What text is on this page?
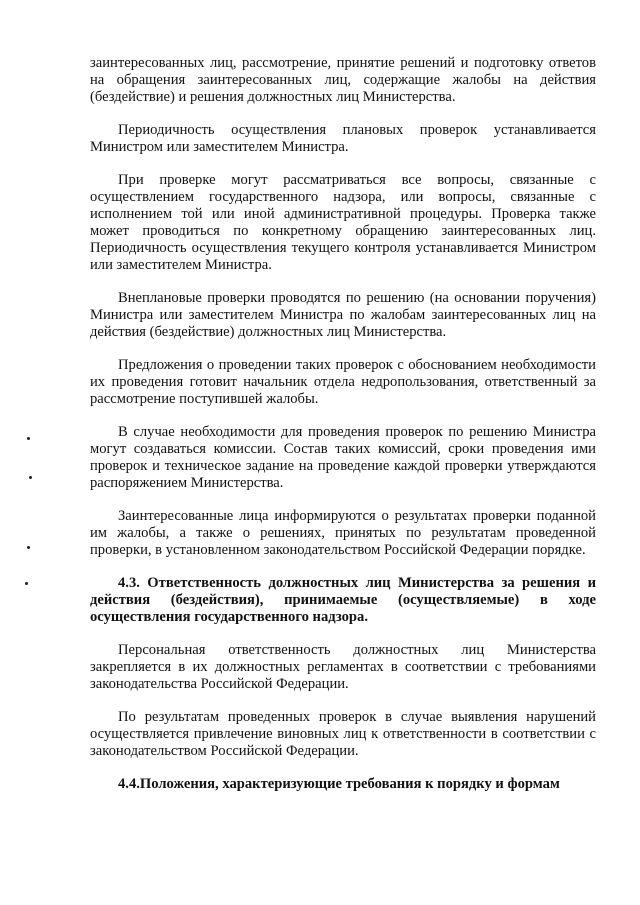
заинтересованных лиц, рассмотрение, принятие решений и подготовку ответов на обращения заинтересованных лиц, содержащие жалобы на действия (бездействие) и решения должностных лиц Министерства.

Периодичность осуществления плановых проверок устанавливается Министром или заместителем Министра.

При проверке могут рассматриваться все вопросы, связанные с осуществлением государственного надзора, или вопросы, связанные с исполнением той или иной административной процедуры. Проверка также может проводиться по конкретному обращению заинтересованных лиц. Периодичность осуществления текущего контроля устанавливается Министром или заместителем Министра.

Внеплановые проверки проводятся по решению (на основании поручения) Министра или заместителем Министра по жалобам заинтересованных лиц на действия (бездействие) должностных лиц Министерства.

Предложения о проведении таких проверок с обоснованием необходимости их проведения готовит начальник отдела недропользования, ответственный за рассмотрение поступившей жалобы.

В случае необходимости для проведения проверок по решению Министра могут создаваться комиссии. Состав таких комиссий, сроки проведения ими проверок и техническое задание на проведение каждой проверки утверждаются распоряжением Министерства.

Заинтересованные лица информируются о результатах проверки поданной им жалобы, а также о решениях, принятых по результатам проведенной проверки, в установленном законодательством Российской Федерации порядке.

4.3. Ответственность должностных лиц Министерства за решения и действия (бездействия), принимаемые (осуществляемые) в ходе осуществления государственного надзора.

Персональная ответственность должностных лиц Министерства закрепляется в их должностных регламентах в соответствии с требованиями законодательства Российской Федерации.

По результатам проведенных проверок в случае выявления нарушений осуществляется привлечение виновных лиц к ответственности в соответствии с законодательством Российской Федерации.

4.4.Положения, характеризующие требования к порядку и формам
